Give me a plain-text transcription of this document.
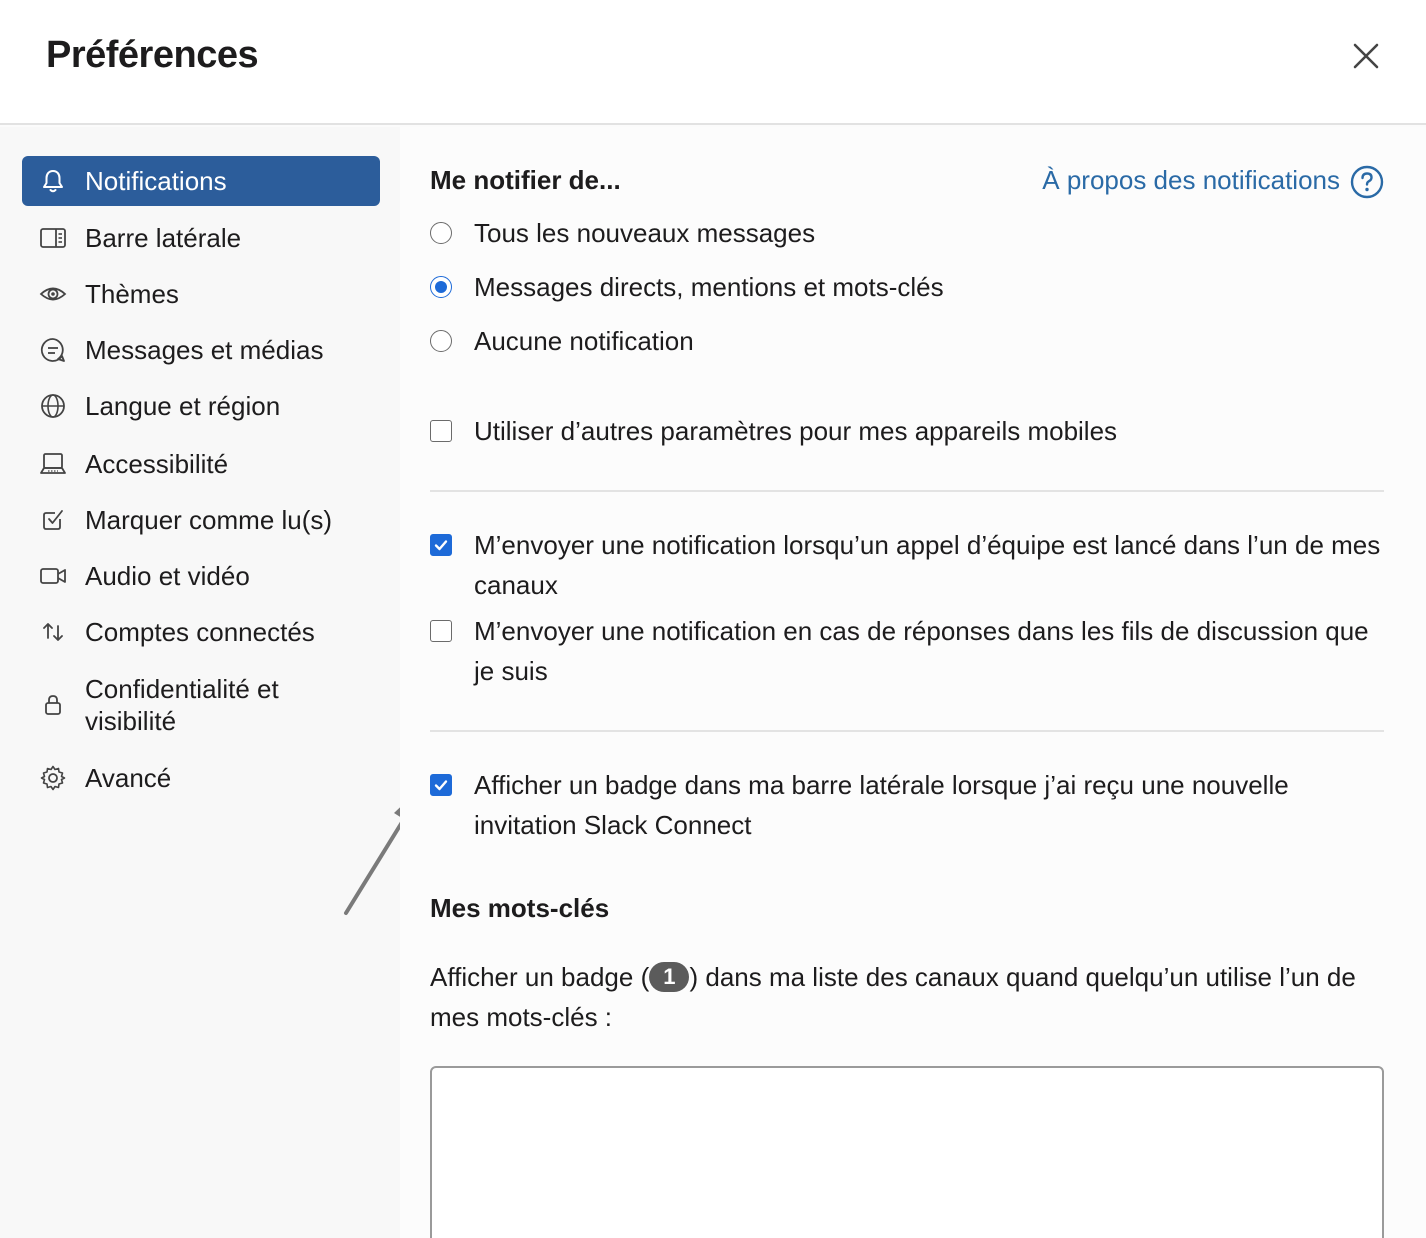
Préférences
Notifications
Barre latérale
Thèmes
Messages et médias
Langue et région
Accessibilité
Marquer comme lu(s)
Audio et vidéo
Comptes connectés
Confidentialité et visibilité
Avancé
Me notifier de...	À propos des notifications
Tous les nouveaux messages
Messages directs, mentions et mots-clés
Aucune notification
Utiliser d’autres paramètres pour mes appareils mobiles
M’envoyer une notification lorsqu’un appel d’équipe est lancé dans l’un de mes canaux
M’envoyer une notification en cas de réponses dans les fils de discussion que je suis
Afficher un badge dans ma barre latérale lorsque j’ai reçu une nouvelle invitation Slack Connect
Mes mots-clés
Afficher un badge ( 1 ) dans ma liste des canaux quand quelqu’un utilise l’un de mes mots-clés :
